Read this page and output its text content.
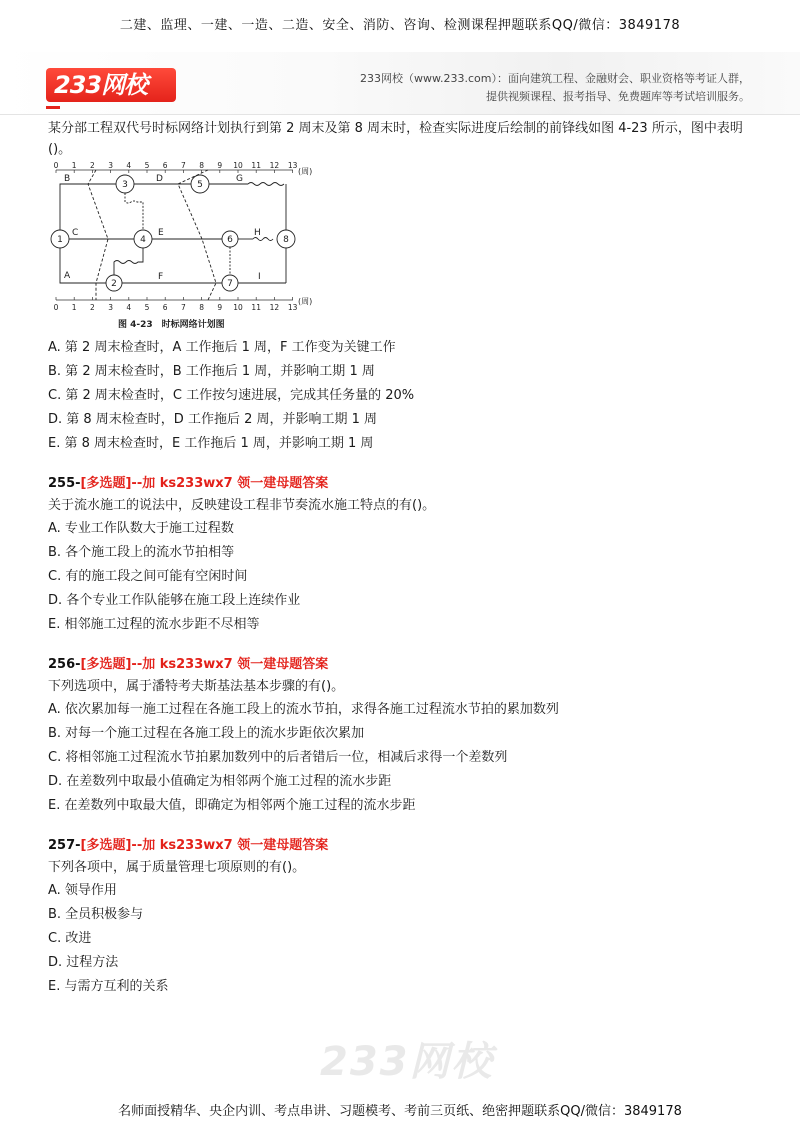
二建、监理、一建、一造、二造、安全、消防、咨询、检测课程押题联系QQ/微信：3849178
233网校	233网校（www.233.com）：面向建筑工程、金融财会、职业资格等考证人群，
提供视频课程、报考指导、免费题库等考试培训服务。

某分部工程双代号时标网络计划执行到第 2 周末及第 8 周末时，检查实际进度后绘制的前锋线如图 4-23 所示，图中表明()。

0
0
1
1
2
2
3
3
4
4
5
5
6
6
7
7
8
8
9
9
10
10
11
11
12
12
13
13
(周)
(周)
1
2
3
4
5
6
7
8
A
B
C
D
E
F
G
H
I
图 4-23　时标网络计划图
A. 第 2 周末检查时，A 工作拖后 1 周，F 工作变为关键工作
B. 第 2 周末检查时，B 工作拖后 1 周，并影响工期 1 周
C. 第 2 周末检查时，C 工作按匀速进展，完成其任务量的 20%
D. 第 8 周末检查时，D 工作拖后 2 周，并影响工期 1 周
E. 第 8 周末检查时，E 工作拖后 1 周，并影响工期 1 周
255-[多选题]--加 ks233wx7 领一建母题答案
关于流水施工的说法中，反映建设工程非节奏流水施工特点的有()。
A. 专业工作队数大于施工过程数
B. 各个施工段上的流水节拍相等
C. 有的施工段之间可能有空闲时间
D. 各个专业工作队能够在施工段上连续作业
E. 相邻施工过程的流水步距不尽相等
256-[多选题]--加 ks233wx7 领一建母题答案
下列选项中，属于潘特考夫斯基法基本步骤的有()。
A. 依次累加每一施工过程在各施工段上的流水节拍，求得各施工过程流水节拍的累加数列
B. 对每一个施工过程在各施工段上的流水步距依次累加
C. 将相邻施工过程流水节拍累加数列中的后者错后一位，相减后求得一个差数列
D. 在差数列中取最小值确定为相邻两个施工过程的流水步距
E. 在差数列中取最大值，即确定为相邻两个施工过程的流水步距
257-[多选题]--加 ks233wx7 领一建母题答案
下列各项中，属于质量管理七项原则的有()。
A. 领导作用
B. 全员积极参与
C. 改进
D. 过程方法
E. 与需方互利的关系
233网校
名师面授精华、央企内训、考点串讲、习题模考、考前三页纸、绝密押题联系QQ/微信：3849178
